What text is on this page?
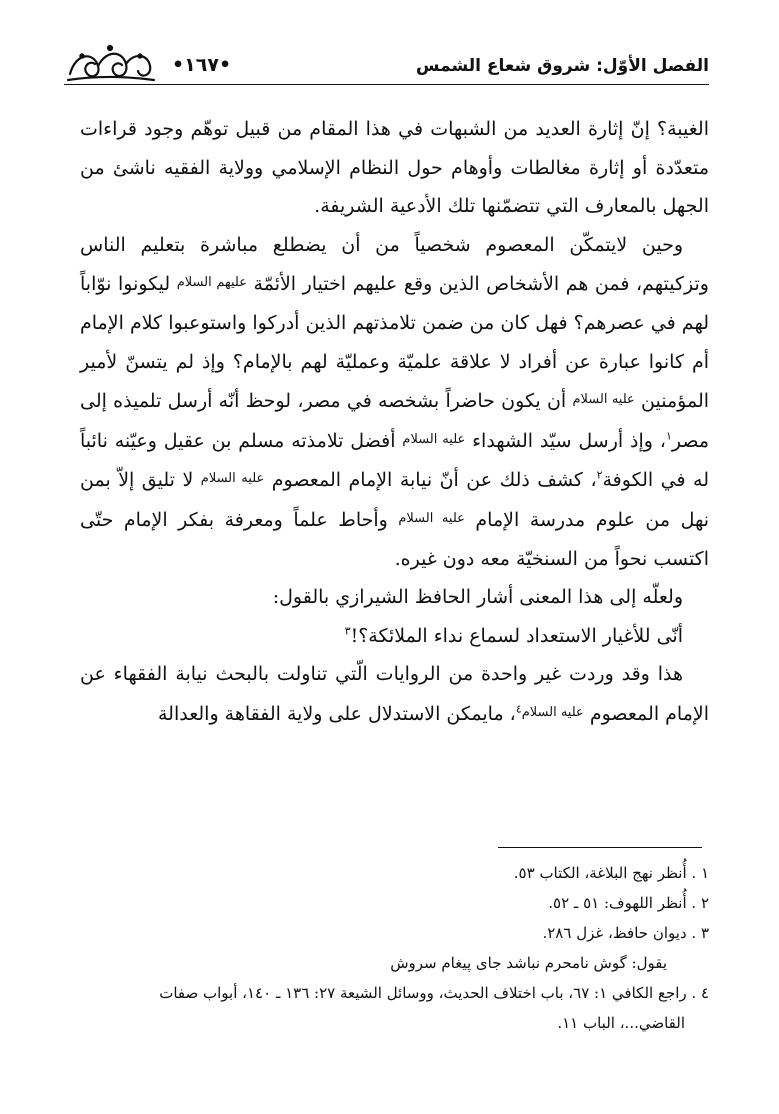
الفصل الأوّل: شروق شعاع الشمس
•١٦٧•

الغيبة؟ إنّ إثارة العديد من الشبهات في هذا المقام من قبيل توهّم وجود قراءات متعدّدة أو إثارة مغالطات وأوهام حول النظام الإسلامي وولاية الفقيه ناشئ من الجهل بالمعارف التي تتضمّنها تلك الأدعية الشريفة.

وحين لايتمكّن المعصوم شخصياً من أن يضطلع مباشرة بتعليم الناس وتزكيتهم، فمن هم الأشخاص الذين وقع عليهم اختيار الأئمّة $^{عليهم السلام}$ ليكونوا نوّاباً لهم في عصرهم؟ فهل كان من ضمن تلامذتهم الذين أدركوا واستوعبوا كلام الإمام أم كانوا عبارة عن أفراد لا علاقة علميّة وعمليّة لهم بالإمام؟ وإذ لم يتسنّ لأمير المؤمنين $^{عليه السلام}$ أن يكون حاضراً بشخصه في مصر، لوحظ أنّه أرسل تلميذه إلى مصر$^١$، وإذ أرسل سيّد الشهداء $^{عليه السلام}$ أفضل تلامذته مسلم بن عقيل وعيّنه نائباً له في الكوفة$^٢$، كشف ذلك عن أنّ نيابة الإمام المعصوم $^{عليه السلام}$ لا تليق إلاّ بمن نهل من علوم مدرسة الإمام $^{عليه السلام}$ وأحاط علماً ومعرفة بفكر الإمام حتّى اكتسب نحواً من السنخيّة معه دون غيره.

ولعلّه إلى هذا المعنى أشار الحافظ الشيرازي بالقول:

أنّى للأغيار الاستعداد لسماع نداء الملائكة؟!$^٣$

هذا وقد وردت غير واحدة من الروايات الّتي تناولت بالبحث نيابة الفقهاء عن الإمام المعصوم $^{عليه السلام٤}$، مايمكن الاستدلال على ولاية الفقاهة والعدالة

١ . أُنظر نهج البلاغة، الكتاب ٥٣.

٢ . أُنظر اللهوف: ٥١ ـ ٥٢.

٣ . ديوان حافظ، غزل ٢٨٦.

يقول: گوش نامحرم نباشد جاى پيغام سروش

٤ . راجع الكافي ١: ٦٧، باب اختلاف الحديث، ووسائل الشيعة ٢٧: ١٣٦ ـ ١٤٠، أبواب صفات

القاضي...، الباب ١١.
